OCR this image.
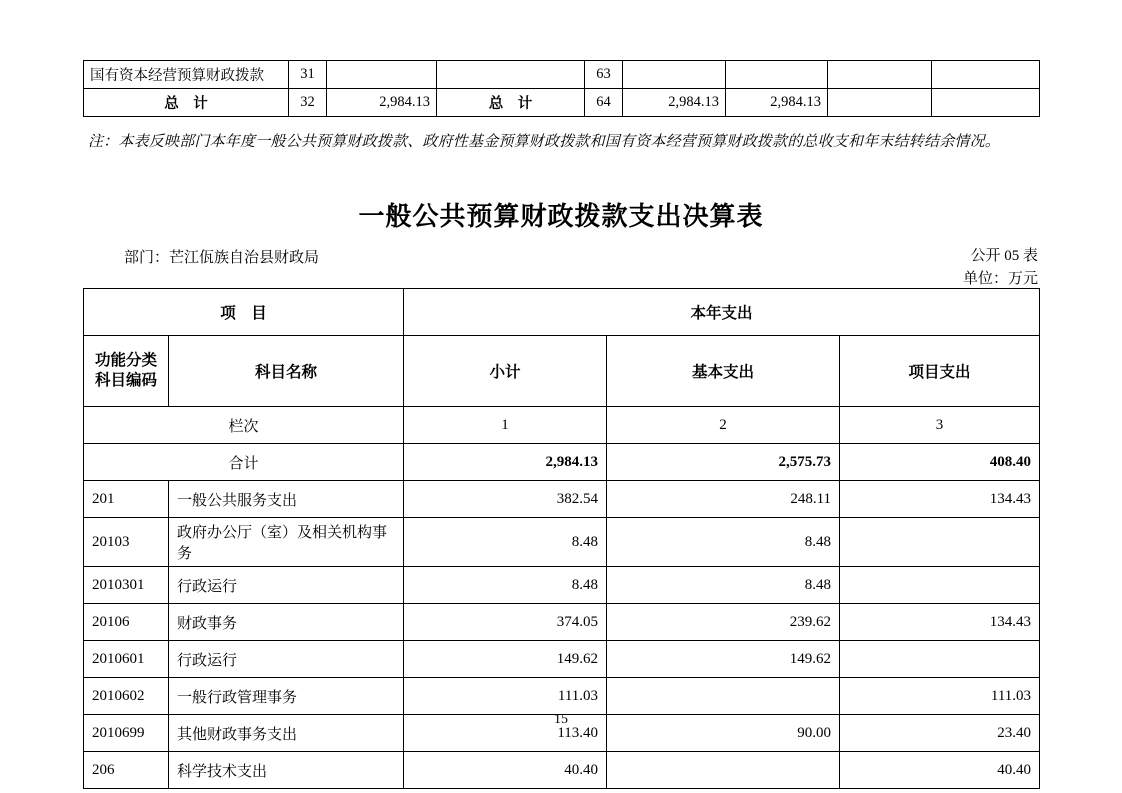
国有资本经营预算财政拨款	31			63				
总　计	32	2,984.13	总　计	64	2,984.13	2,984.13		
注：本表反映部门本年度一般公共预算财政拨款、政府性基金预算财政拨款和国有资本经营预算财政拨款的总收支和年末结转结余情况。
一般公共预算财政拨款支出决算表
部门：芒江佤族自治县财政局	公开 05 表
单位：万元
项　目		本年支出		

功能分类
科目编码	科目名称	小计	基本支出	项目支出
栏次		1	2	3
合计		2,984.13	2,575.73	408.40
201	一般公共服务支出	382.54	248.11	134.43
20103	政府办公厅（室）及相关机构事务	8.48	8.48	
2010301	行政运行	8.48	8.48	
20106	财政事务	374.05	239.62	134.43
2010601	行政运行	149.62	149.62	
2010602	一般行政管理事务	111.03		111.03
2010699	其他财政事务支出	113.40	90.00	23.40
206	科学技术支出	40.40		40.40
15
